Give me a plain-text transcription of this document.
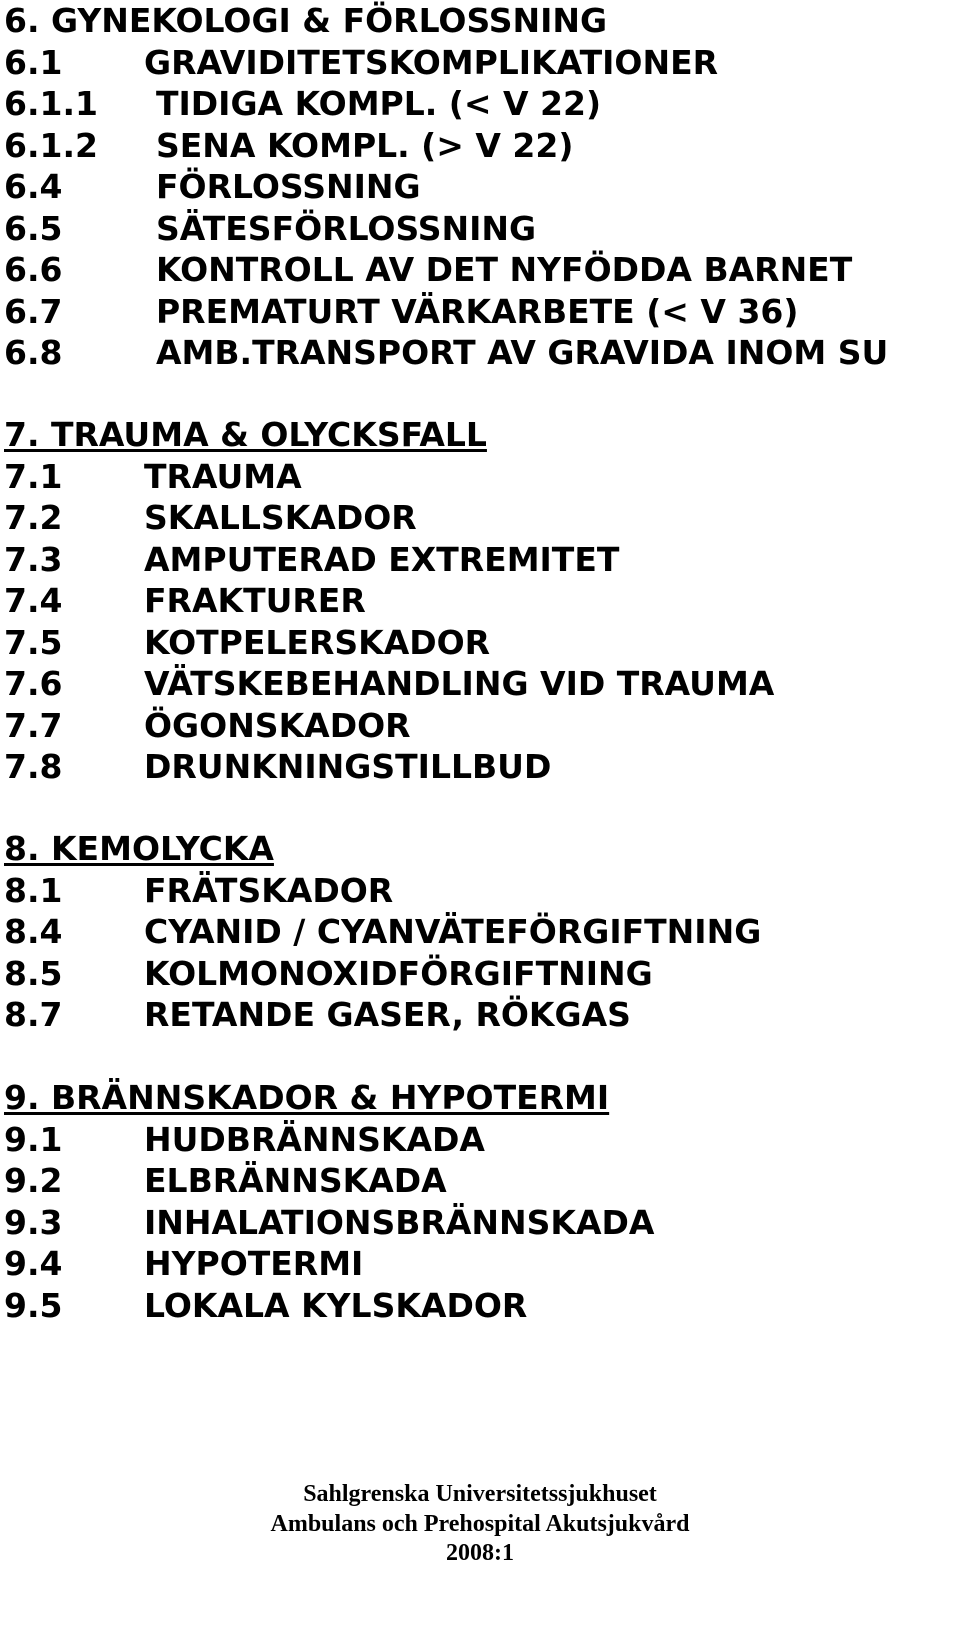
6. GYNEKOLOGI & FÖRLOSSNING
6.1 GRAVIDITETSKOMPLIKATIONER
6.1.1 TIDIGA KOMPL. (< V 22)
6.1.2 SENA KOMPL. (> V 22)
6.4	FÖRLOSSNING
6.5	SÄTESFÖRLOSSNING
6.6	KONTROLL AV DET NYFÖDDA BARNET
6.7	PREMATURT VÄRKARBETE (< V 36)
6.8	AMB.TRANSPORT AV GRAVIDA INOM SU
7. TRAUMA & OLYCKSFALL
7.1 TRAUMA
7.2 SKALLSKADOR
7.3 AMPUTERAD EXTREMITET
7.4 FRAKTURER
7.5 KOTPELERSKADOR
7.6 VÄTSKEBEHANDLING VID TRAUMA
7.7 ÖGONSKADOR
7.8 DRUNKNINGSTILLBUD
8. KEMOLYCKA
8.1 FRÄTSKADOR
8.4 CYANID / CYANVÄTEFÖRGIFTNING
8.5 KOLMONOXIDFÖRGIFTNING
8.7 RETANDE GASER, RÖKGAS
9. BRÄNNSKADOR & HYPOTERMI
9.1 HUDBRÄNNSKADA
9.2 ELBRÄNNSKADA
9.3 INHALATIONSBRÄNNSKADA
9.4 HYPOTERMI
9.5 LOKALA KYLSKADOR
Sahlgrenska Universitetssjukhuset
Ambulans och Prehospital Akutsjukvård
2008:1
